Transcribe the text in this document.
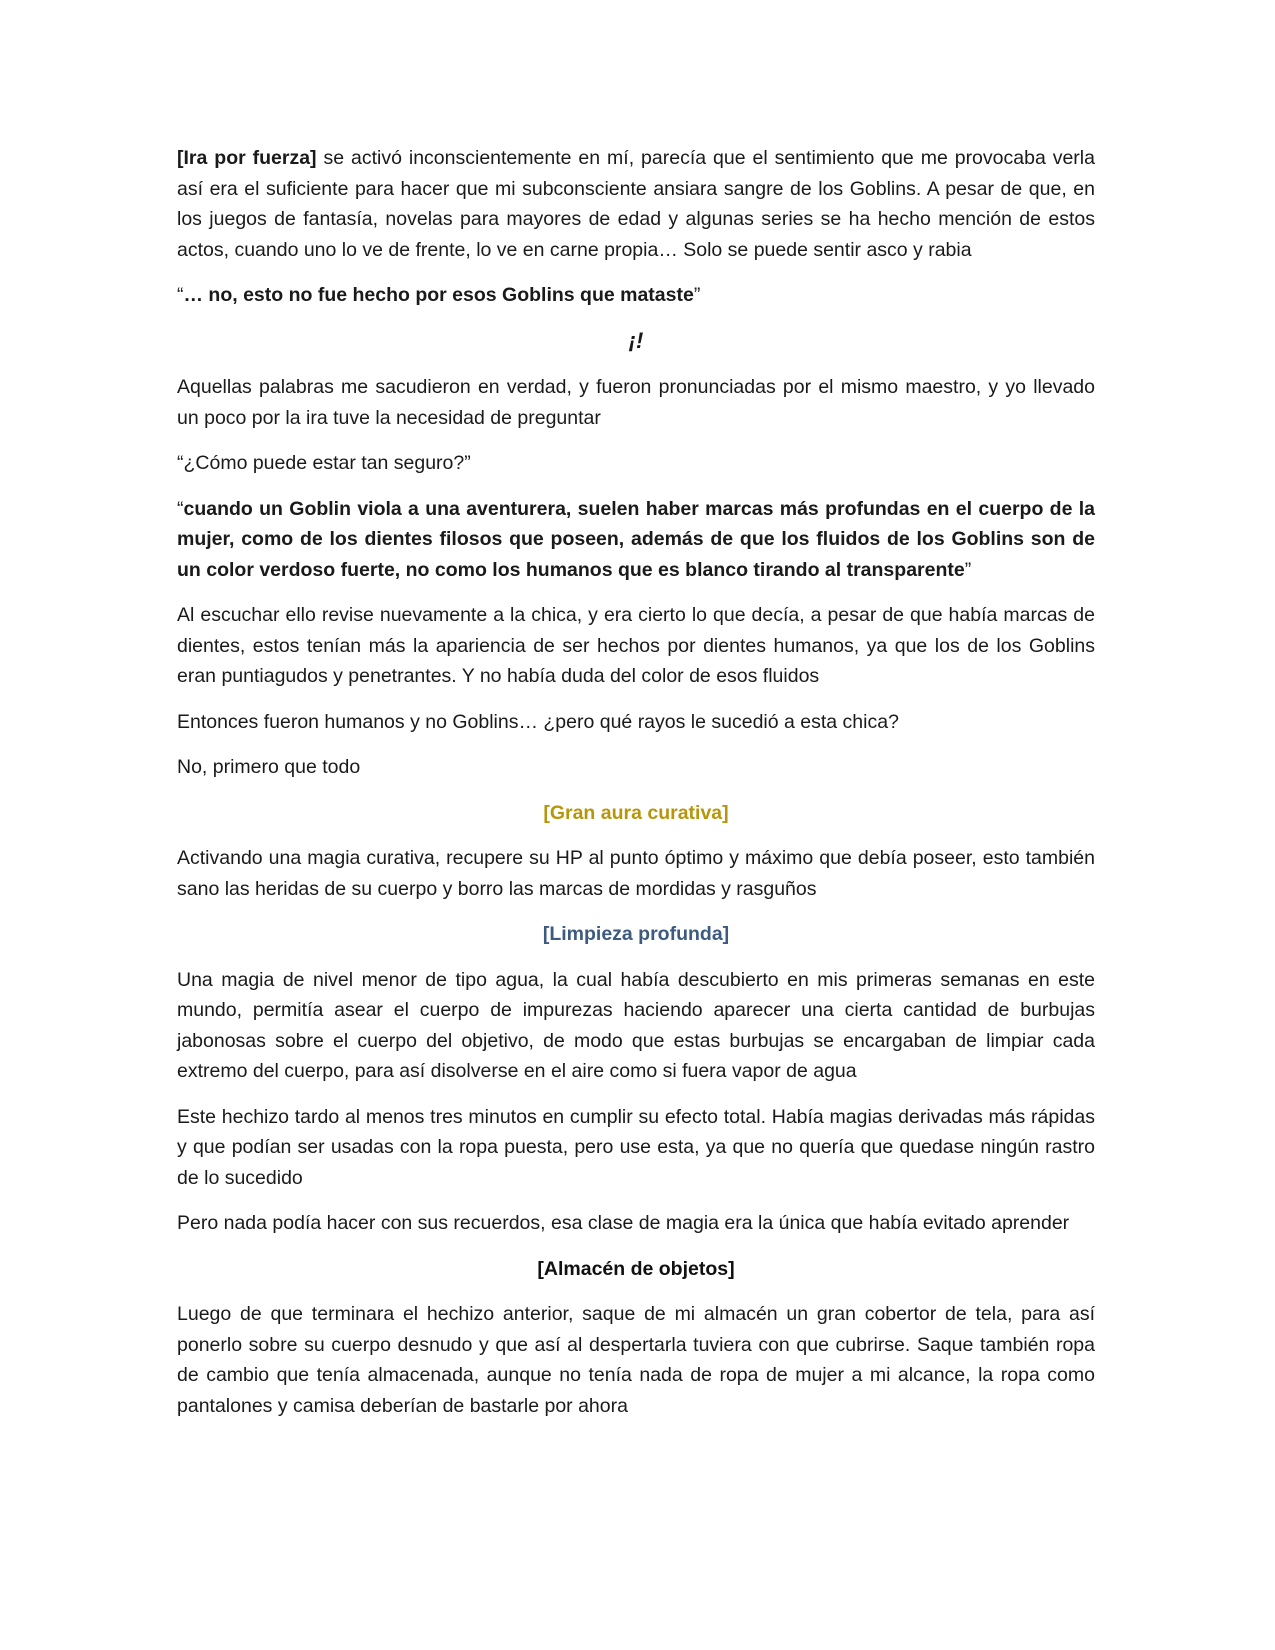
[Ira por fuerza] se activó inconscientemente en mí, parecía que el sentimiento que me provocaba verla así era el suficiente para hacer que mi subconsciente ansiara sangre de los Goblins. A pesar de que, en los juegos de fantasía, novelas para mayores de edad y algunas series se ha hecho mención de estos actos, cuando uno lo ve de frente, lo ve en carne propia… Solo se puede sentir asco y rabia

“… no, esto no fue hecho por esos Goblins que mataste”

¡!

Aquellas palabras me sacudieron en verdad, y fueron pronunciadas por el mismo maestro, y yo llevado un poco por la ira tuve la necesidad de preguntar

“¿Cómo puede estar tan seguro?”

“cuando un Goblin viola a una aventurera, suelen haber marcas más profundas en el cuerpo de la mujer, como de los dientes filosos que poseen, además de que los fluidos de los Goblins son de un color verdoso fuerte, no como los humanos que es blanco tirando al transparente”

Al escuchar ello revise nuevamente a la chica, y era cierto lo que decía, a pesar de que había marcas de dientes, estos tenían más la apariencia de ser hechos por dientes humanos, ya que los de los Goblins eran puntiagudos y penetrantes. Y no había duda del color de esos fluidos

Entonces fueron humanos y no Goblins… ¿pero qué rayos le sucedió a esta chica?

No, primero que todo

[Gran aura curativa]

Activando una magia curativa, recupere su HP al punto óptimo y máximo que debía poseer, esto también sano las heridas de su cuerpo y borro las marcas de mordidas y rasguños

[Limpieza profunda]

Una magia de nivel menor de tipo agua, la cual había descubierto en mis primeras semanas en este mundo, permitía asear el cuerpo de impurezas haciendo aparecer una cierta cantidad de burbujas jabonosas sobre el cuerpo del objetivo, de modo que estas burbujas se encargaban de limpiar cada extremo del cuerpo, para así disolverse en el aire como si fuera vapor de agua

Este hechizo tardo al menos tres minutos en cumplir su efecto total. Había magias derivadas más rápidas y que podían ser usadas con la ropa puesta, pero use esta, ya que no quería que quedase ningún rastro de lo sucedido

Pero nada podía hacer con sus recuerdos, esa clase de magia era la única que había evitado aprender

[Almacén de objetos]

Luego de que terminara el hechizo anterior, saque de mi almacén un gran cobertor de tela, para así ponerlo sobre su cuerpo desnudo y que así al despertarla tuviera con que cubrirse. Saque también ropa de cambio que tenía almacenada, aunque no tenía nada de ropa de mujer a mi alcance, la ropa como pantalones y camisa deberían de bastarle por ahora
